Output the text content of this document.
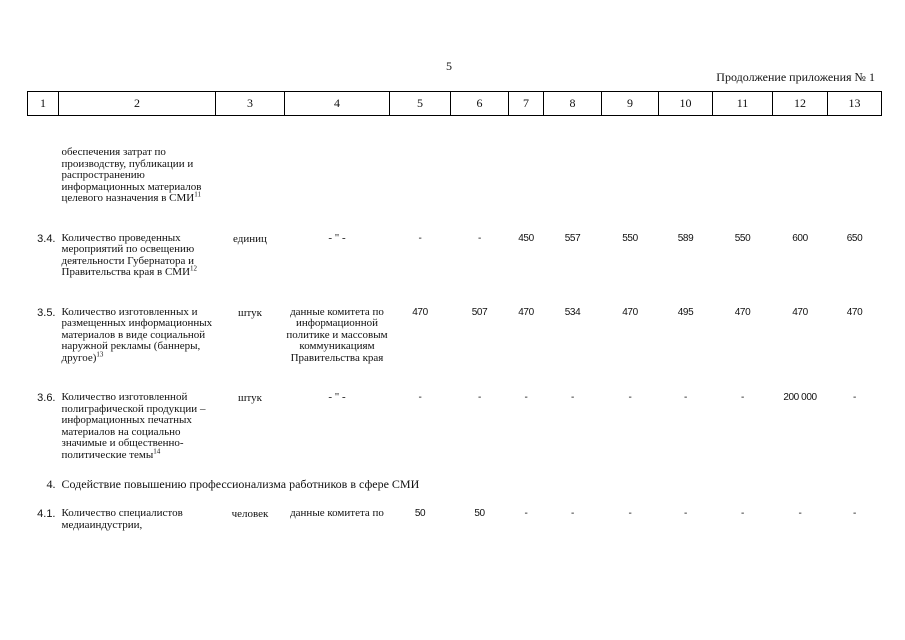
5
Продолжение приложения № 1
1	2	3	4	5	6	7	8	9	10	11	12	13
	обеспечения затрат по производству, публикации и распространению информационных материалов целевого назначения в СМИ$^{11}$	
3.4.	Количество проведенных мероприятий по освещению деятельности Губернатора и Правительства края в СМИ$^{12}$	единиц	- " -	-	-	450	557	550	589	550	600	650
3.5.	Количество изготовленных и размещенных информационных материалов в виде социальной наружной рекламы (баннеры, другое)$^{13}$	штук	данные комитета по информационной политике и массовым коммуникациям Правительства края	470	507	470	534	470	495	470	470	470
3.6.	Количество изготовленной полиграфической продукции – информационных печатных материалов на социально значимые и общественно-политические темы$^{14}$	штук	- " -	-	-	-	-	-	-	-	200 000	-
4.	Содействие повышению профессионализма работников в сфере СМИ											
4.1.	Количество специалистов медиаиндустрии,	человек	данные комитета по	50	50	-	-	-	-	-	-	-
